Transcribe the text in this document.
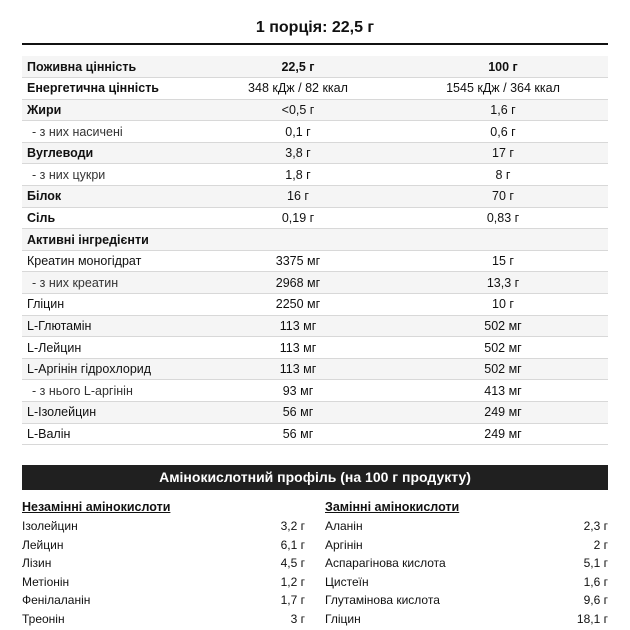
1 порція: 22,5 г
Поживна цінність	22,5 г	100 г
Енергетична цінність	348 кДж / 82 ккал	1545 кДж / 364 ккал
Жири	<0,5 г	1,6 г
- з них насичені	0,1 г	0,6 г
Вуглеводи	3,8 г	17 г
- з них цукри	1,8 г	8 г
Білок	16 г	70 г
Сіль	0,19 г	0,83 г
Активні інгредієнти		
Креатин моногідрат	3375 мг	15 г
- з них креатин	2968 мг	13,3 г
Гліцин	2250 мг	10 г
L-Глютамін	113 мг	502 мг
L-Лейцин	113 мг	502 мг
L-Аргінін гідрохлорид	113 мг	502 мг
- з нього L-аргінін	93 мг	413 мг
L-Ізолейцин	56 мг	249 мг
L-Валін	56 мг	249 мг
Амінокислотний профіль (на 100 г продукту)
Незамінні амінокислоти
Ізолейцин	3,2 г
Лейцин	6,1 г
Лізин	4,5 г
Метіонін	1,2 г
Фенілаланін	1,7 г
Треонін	3 г
Замінні амінокислоти
Аланін	2,3 г
Аргінін	2 г
Аспарагінова кислота	5,1 г
Цистеїн	1,6 г
Глутамінова кислота	9,6 г
Гліцин	18,1 г
